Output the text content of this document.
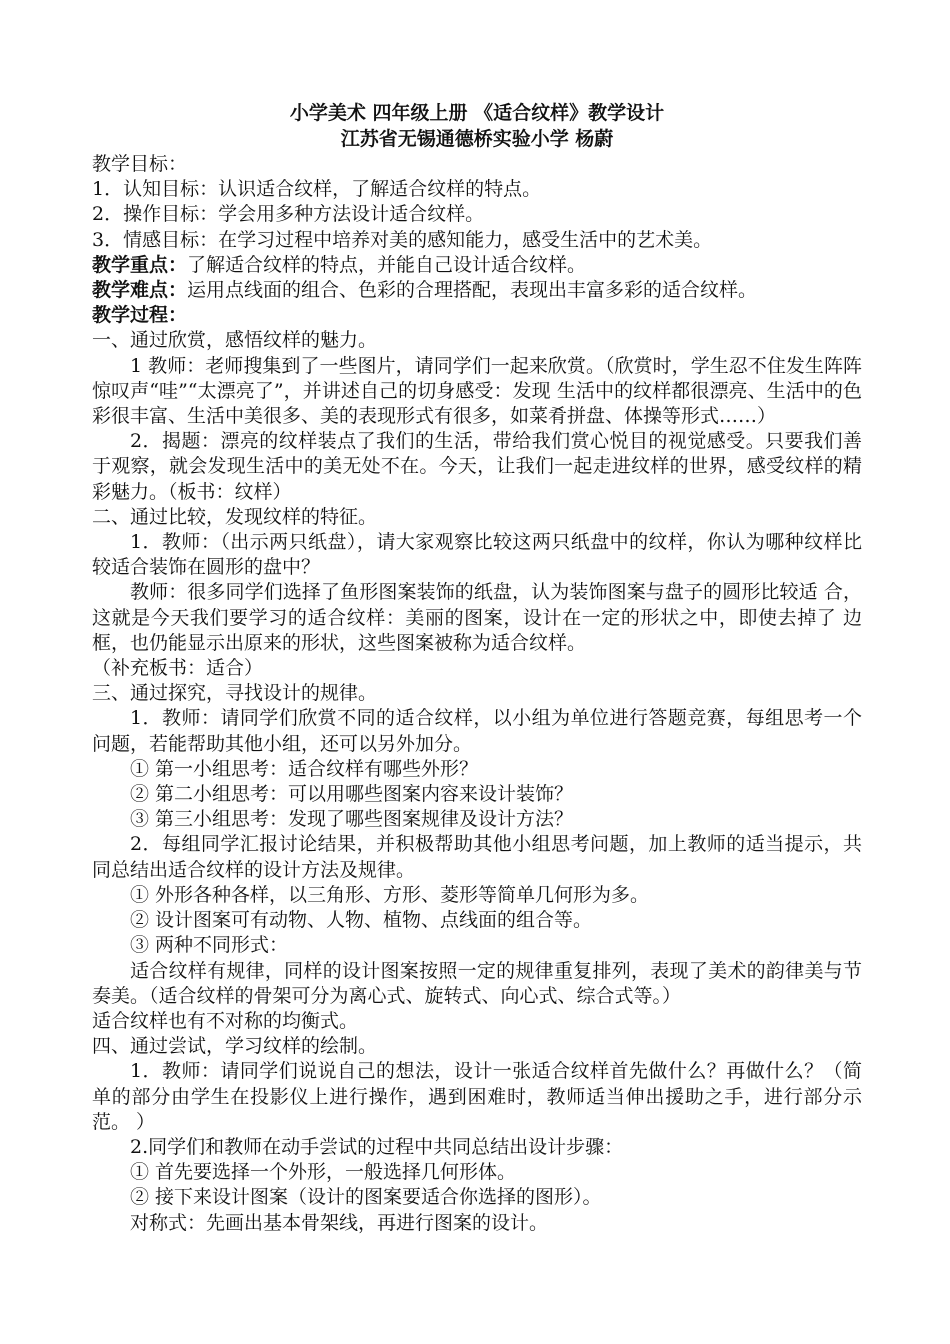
小学美术 四年级上册 《适合纹样》教学设计

江苏省无锡通德桥实验小学 杨蔚

教学目标：

1．认知目标：认识适合纹样，了解适合纹样的特点。

2．操作目标：学会用多种方法设计适合纹样。

3．情感目标：在学习过程中培养对美的感知能力，感受生活中的艺术美。

教学重点：了解适合纹样的特点，并能自己设计适合纹样。

教学难点：运用点线面的组合、色彩的合理搭配，表现出丰富多彩的适合纹样。

教学过程：

一、通过欣赏，感悟纹样的魅力。

1 教师：老师搜集到了一些图片，请同学们一起来欣赏。（欣赏时，学生忍不住发生阵阵惊叹声“哇”“太漂亮了”，并讲述自己的切身感受：发现 生活中的纹样都很漂亮、生活中的色彩很丰富、生活中美很多、美的表现形式有很多，如菜肴拼盘、体操等形式……）

2．揭题：漂亮的纹样装点了我们的生活，带给我们赏心悦目的视觉感受。只要我们善于观察，就会发现生活中的美无处不在。今天，让我们一起走进纹样的世界，感受纹样的精 彩魅力。（板书：纹样）

二、通过比较，发现纹样的特征。

1．教师：（出示两只纸盘），请大家观察比较这两只纸盘中的纹样，你认为哪种纹样比较适合装饰在圆形的盘中？

教师：很多同学们选择了鱼形图案装饰的纸盘，认为装饰图案与盘子的圆形比较适 合，这就是今天我们要学习的适合纹样：美丽的图案，设计在一定的形状之中，即使去掉了 边框，也仍能显示出原来的形状，这些图案被称为适合纹样。

（补充板书：适合）

三、通过探究，寻找设计的规律。

1．教师：请同学们欣赏不同的适合纹样，以小组为单位进行答题竞赛，每组思考一个问题，若能帮助其他小组，还可以另外加分。

① 第一小组思考：适合纹样有哪些外形？

② 第二小组思考：可以用哪些图案内容来设计装饰？

③ 第三小组思考：发现了哪些图案规律及设计方法？

2．每组同学汇报讨论结果，并积极帮助其他小组思考问题，加上教师的适当提示，共同总结出适合纹样的设计方法及规律。

① 外形各种各样，以三角形、方形、菱形等简单几何形为多。

② 设计图案可有动物、人物、植物、点线面的组合等。

③ 两种不同形式：

适合纹样有规律，同样的设计图案按照一定的规律重复排列，表现了美术的韵律美与节奏美。（适合纹样的骨架可分为离心式、旋转式、向心式、综合式等。）

适合纹样也有不对称的均衡式。

四、通过尝试，学习纹样的绘制。

1．教师：请同学们说说自己的想法，设计一张适合纹样首先做什么？再做什么？（简单的部分由学生在投影仪上进行操作，遇到困难时，教师适当伸出援助之手，进行部分示范。 ）

2.同学们和教师在动手尝试的过程中共同总结出设计步骤：

① 首先要选择一个外形，一般选择几何形体。

② 接下来设计图案（设计的图案要适合你选择的图形）。

对称式：先画出基本骨架线，再进行图案的设计。
